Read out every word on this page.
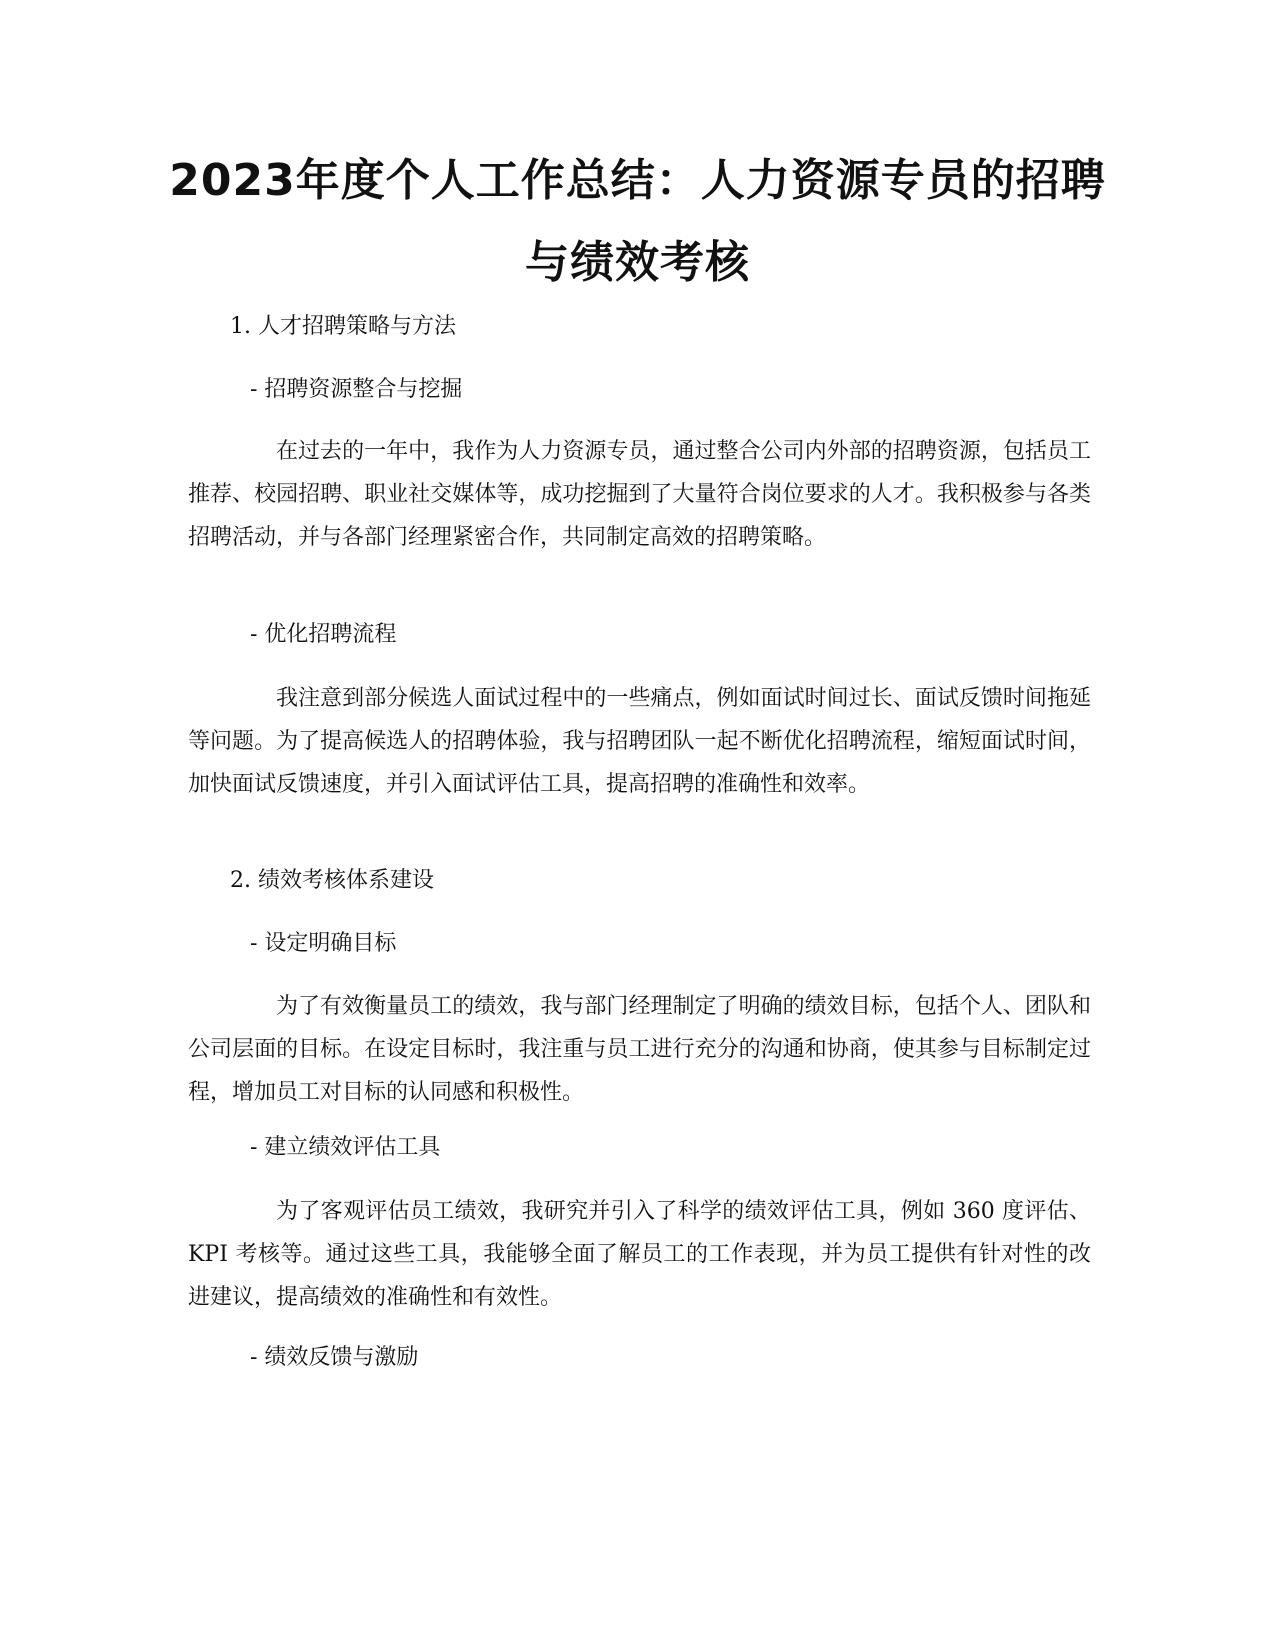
2023年度个人工作总结：人力资源专员的招聘与绩效考核

1. 人才招聘策略与方法

- 招聘资源整合与挖掘

在过去的一年中，我作为人力资源专员，通过整合公司内外部的招聘资源，包括员工推荐、校园招聘、职业社交媒体等，成功挖掘到了大量符合岗位要求的人才。我积极参与各类招聘活动，并与各部门经理紧密合作，共同制定高效的招聘策略。

- 优化招聘流程

我注意到部分候选人面试过程中的一些痛点，例如面试时间过长、面试反馈时间拖延等问题。为了提高候选人的招聘体验，我与招聘团队一起不断优化招聘流程，缩短面试时间，加快面试反馈速度，并引入面试评估工具，提高招聘的准确性和效率。

2. 绩效考核体系建设

- 设定明确目标

为了有效衡量员工的绩效，我与部门经理制定了明确的绩效目标，包括个人、团队和公司层面的目标。在设定目标时，我注重与员工进行充分的沟通和协商，使其参与目标制定过程，增加员工对目标的认同感和积极性。

- 建立绩效评估工具

为了客观评估员工绩效，我研究并引入了科学的绩效评估工具，例如 360 度评估、KPI 考核等。通过这些工具，我能够全面了解员工的工作表现，并为员工提供有针对性的改进建议，提高绩效的准确性和有效性。

- 绩效反馈与激励
